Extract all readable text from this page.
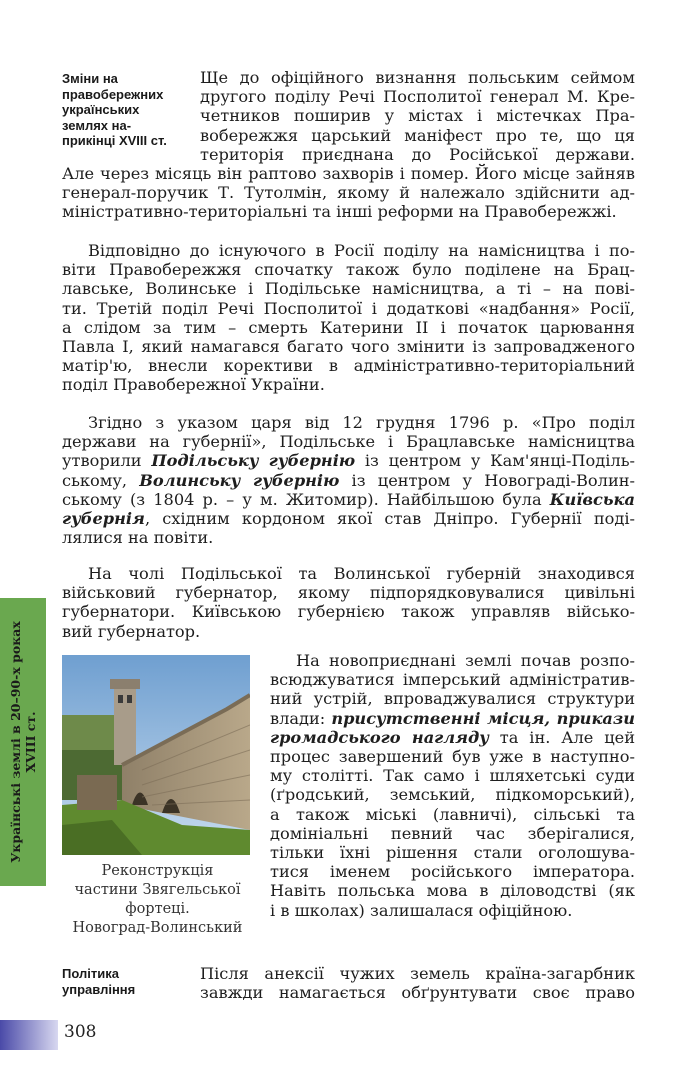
Зміни на
правобережних
українських
землях на-
прикінці XVIII ст.
Ще до офіційного визнання польським сеймом
другого поділу Речі Посполитої генерал М. Кре-
четников поширив у містах і містечках Пра-
вобережжя царський маніфест про те, що ця
територія приєднана до Російської держави.
Але через місяць він раптово захворів і помер. Його місце зайняв
генерал-поручик Т. Тутолмін, якому й належало здійснити ад-
міністративно-територіальні та інші реформи на Правобережжі.
Відповідно до існуючого в Росії поділу на намісництва і по-
віти Правобережжя спочатку також було поділене на Брац-
лавське, Волинське і Подільське намісництва, а ті – на пові-
ти. Третій поділ Речі Посполитої і додаткові «надбання» Росії,
а слідом за тим – смерть Катерини ІІ і початок царювання
Павла І, який намагався багато чого змінити із запровадженого
матір'ю, внесли корективи в адміністративно-територіальний
поділ Правобережної України.
Згідно з указом царя від 12 грудня 1796 р. «Про поділ
держави на губернії», Подільське і Брацлавське намісництва
утворили Подільську губернію із центром у Кам'янці-Поділь-
ському, Волинську губернію із центром у Новограді-Волин-
ському (з 1804 р. – у м. Житомир). Найбільшою була Київська
губернія, східним кордоном якої став Дніпро. Губернії поді-
лялися на повіти.
На чолі Подільської та Волинської губерній знаходився
військовий губернатор, якому підпорядковувалися цивільні
губернатори. Київською губернією також управляв військо-
вий губернатор.
Українські землі в 20–90-х роках XVIII ст.
Реконструкція
частини Звягельської
фортеці.
Новоград-Волинський
На новоприєднані землі почав розпо-
всюджуватися імперський адміністратив-
ний устрій, впроваджувалися структури
влади: присутственні місця, прикази
громадського нагляду та ін. Але цей
процес завершений був уже в наступно-
му столітті. Так само і шляхетські суди
(ґродський, земський, підкоморський),
а також міські (лавничі), сільські та
домініальні певний час зберігалися,
тільки їхні рішення стали оголошува-
тися іменем російського імператора.
Навіть польська мова в діловодстві (як
і в школах) залишалася офіційною.
Політика
управління
Після анексії чужих земель країна-загарбник
завжди намагається обґрунтувати своє право
308
